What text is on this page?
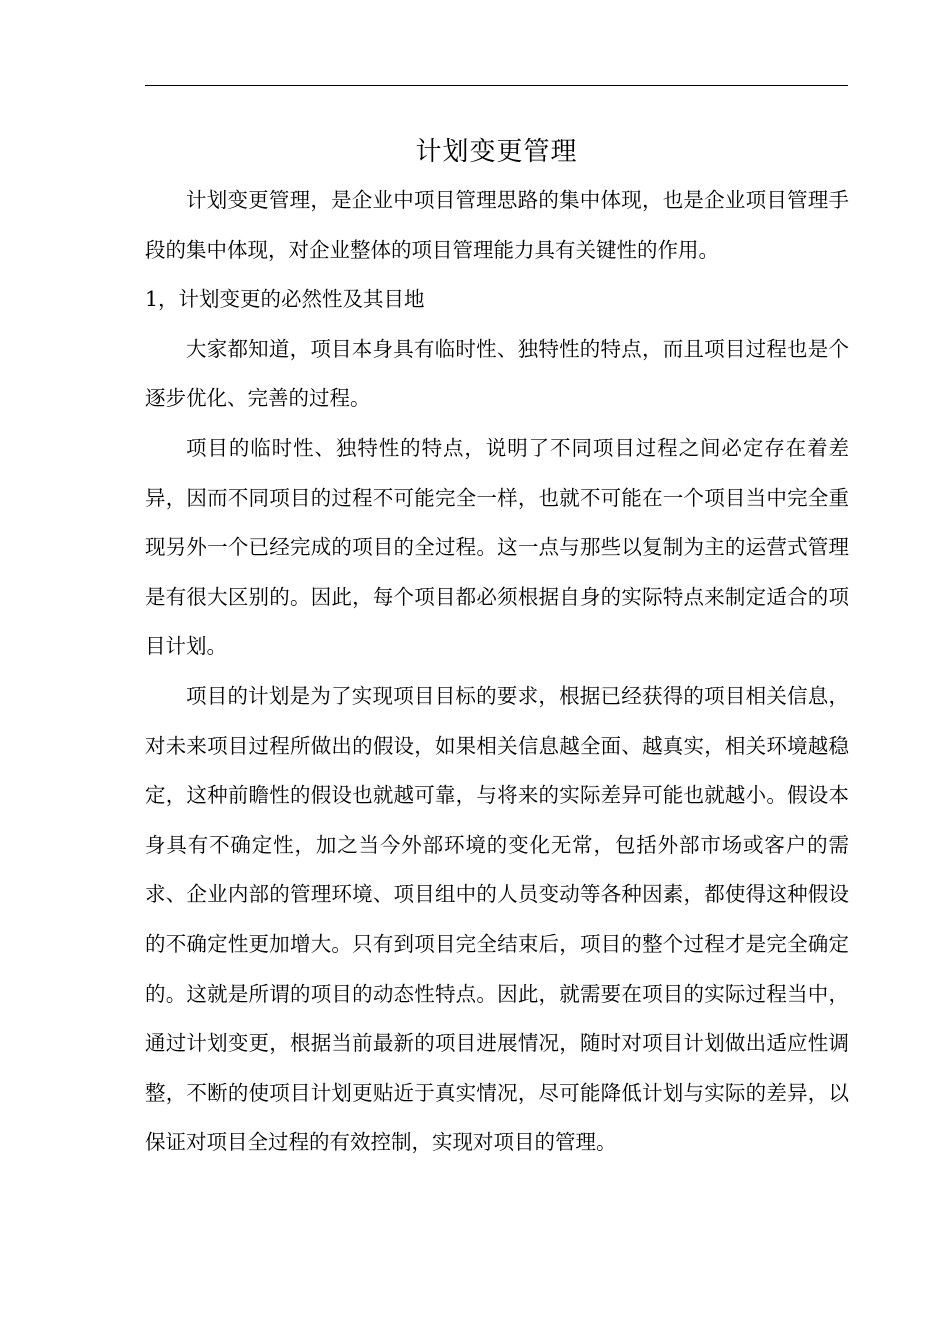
计划变更管理

计划变更管理，是企业中项目管理思路的集中体现，也是企业项目管理手段的集中体现，对企业整体的项目管理能力具有关键性的作用。

1，计划变更的必然性及其目地

大家都知道，项目本身具有临时性、独特性的特点，而且项目过程也是个逐步优化、完善的过程。

项目的临时性、独特性的特点，说明了不同项目过程之间必定存在着差异，因而不同项目的过程不可能完全一样，也就不可能在一个项目当中完全重现另外一个已经完成的项目的全过程。这一点与那些以复制为主的运营式管理是有很大区别的。因此，每个项目都必须根据自身的实际特点来制定适合的项目计划。

项目的计划是为了实现项目目标的要求，根据已经获得的项目相关信息，对未来项目过程所做出的假设，如果相关信息越全面、越真实，相关环境越稳定，这种前瞻性的假设也就越可靠，与将来的实际差异可能也就越小。假设本身具有不确定性，加之当今外部环境的变化无常，包括外部市场或客户的需求、企业内部的管理环境、项目组中的人员变动等各种因素，都使得这种假设的不确定性更加增大。只有到项目完全结束后，项目的整个过程才是完全确定的。这就是所谓的项目的动态性特点。因此，就需要在项目的实际过程当中，通过计划变更，根据当前最新的项目进展情况，随时对项目计划做出适应性调整，不断的使项目计划更贴近于真实情况，尽可能降低计划与实际的差异，以保证对项目全过程的有效控制，实现对项目的管理。
